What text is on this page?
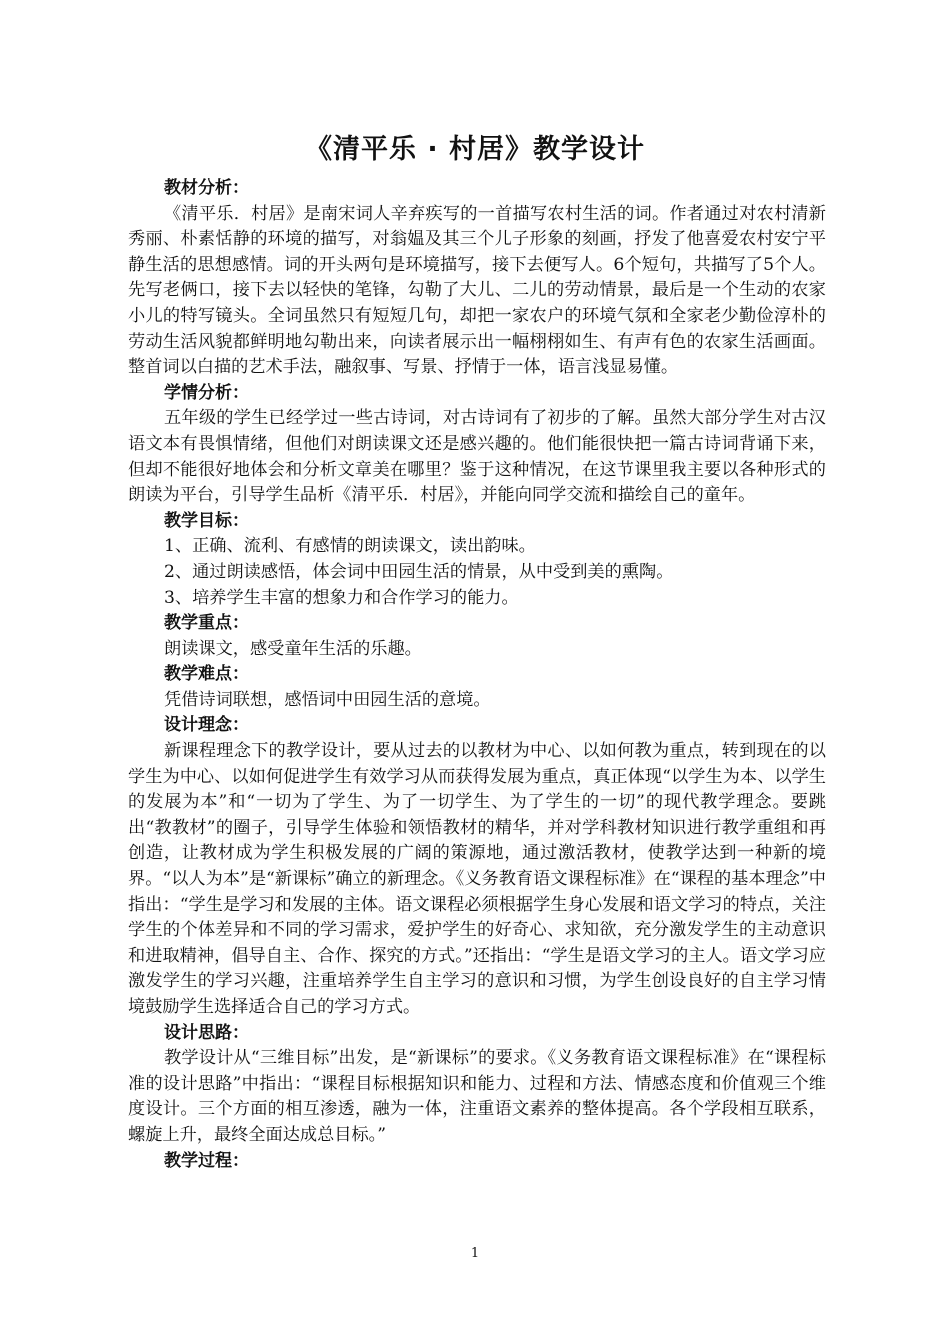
《清平乐 · 村居》教学设计

教材分析：

《清平乐．村居》是南宋词人辛弃疾写的一首描写农村生活的词。作者通过对农村清新秀丽、朴素恬静的环境的描写，对翁媪及其三个儿子形象的刻画，抒发了他喜爱农村安宁平静生活的思想感情。词的开头两句是环境描写，接下去便写人。6个短句，共描写了5个人。先写老俩口，接下去以轻快的笔锋，勾勒了大儿、二儿的劳动情景，最后是一个生动的农家小儿的特写镜头。全词虽然只有短短几句，却把一家农户的环境气氛和全家老少勤俭淳朴的劳动生活风貌都鲜明地勾勒出来，向读者展示出一幅栩栩如生、有声有色的农家生活画面。整首词以白描的艺术手法，融叙事、写景、抒情于一体，语言浅显易懂。

学情分析：

五年级的学生已经学过一些古诗词，对古诗词有了初步的了解。虽然大部分学生对古汉语文本有畏惧情绪，但他们对朗读课文还是感兴趣的。他们能很快把一篇古诗词背诵下来，但却不能很好地体会和分析文章美在哪里？鉴于这种情况，在这节课里我主要以各种形式的朗读为平台，引导学生品析《清平乐．村居》，并能向同学交流和描绘自己的童年。

教学目标：

1、正确、流利、有感情的朗读课文，读出韵味。

2、通过朗读感悟，体会词中田园生活的情景，从中受到美的熏陶。

3、培养学生丰富的想象力和合作学习的能力。

教学重点：

朗读课文，感受童年生活的乐趣。

教学难点：

凭借诗词联想，感悟词中田园生活的意境。

设计理念：

新课程理念下的教学设计，要从过去的以教材为中心、以如何教为重点，转到现在的以学生为中心、以如何促进学生有效学习从而获得发展为重点，真正体现“以学生为本、以学生的发展为本”和“一切为了学生、为了一切学生、为了学生的一切”的现代教学理念。要跳出“教教材”的圈子，引导学生体验和领悟教材的精华，并对学科教材知识进行教学重组和再创造，让教材成为学生积极发展的广阔的策源地，通过激活教材，使教学达到一种新的境界。“以人为本”是“新课标”确立的新理念。《义务教育语文课程标准》在“课程的基本理念”中指出：“学生是学习和发展的主体。语文课程必须根据学生身心发展和语文学习的特点，关注学生的个体差异和不同的学习需求，爱护学生的好奇心、求知欲，充分激发学生的主动意识和进取精神，倡导自主、合作、探究的方式。”还指出：“学生是语文学习的主人。语文学习应激发学生的学习兴趣，注重培养学生自主学习的意识和习惯，为学生创设良好的自主学习情境鼓励学生选择适合自己的学习方式。

设计思路：

教学设计从“三维目标”出发，是“新课标”的要求。《义务教育语文课程标准》在“课程标准的设计思路”中指出：“课程目标根据知识和能力、过程和方法、情感态度和价值观三个维度设计。三个方面的相互渗透，融为一体，注重语文素养的整体提高。各个学段相互联系，螺旋上升，最终全面达成总目标。”

教学过程：

1
